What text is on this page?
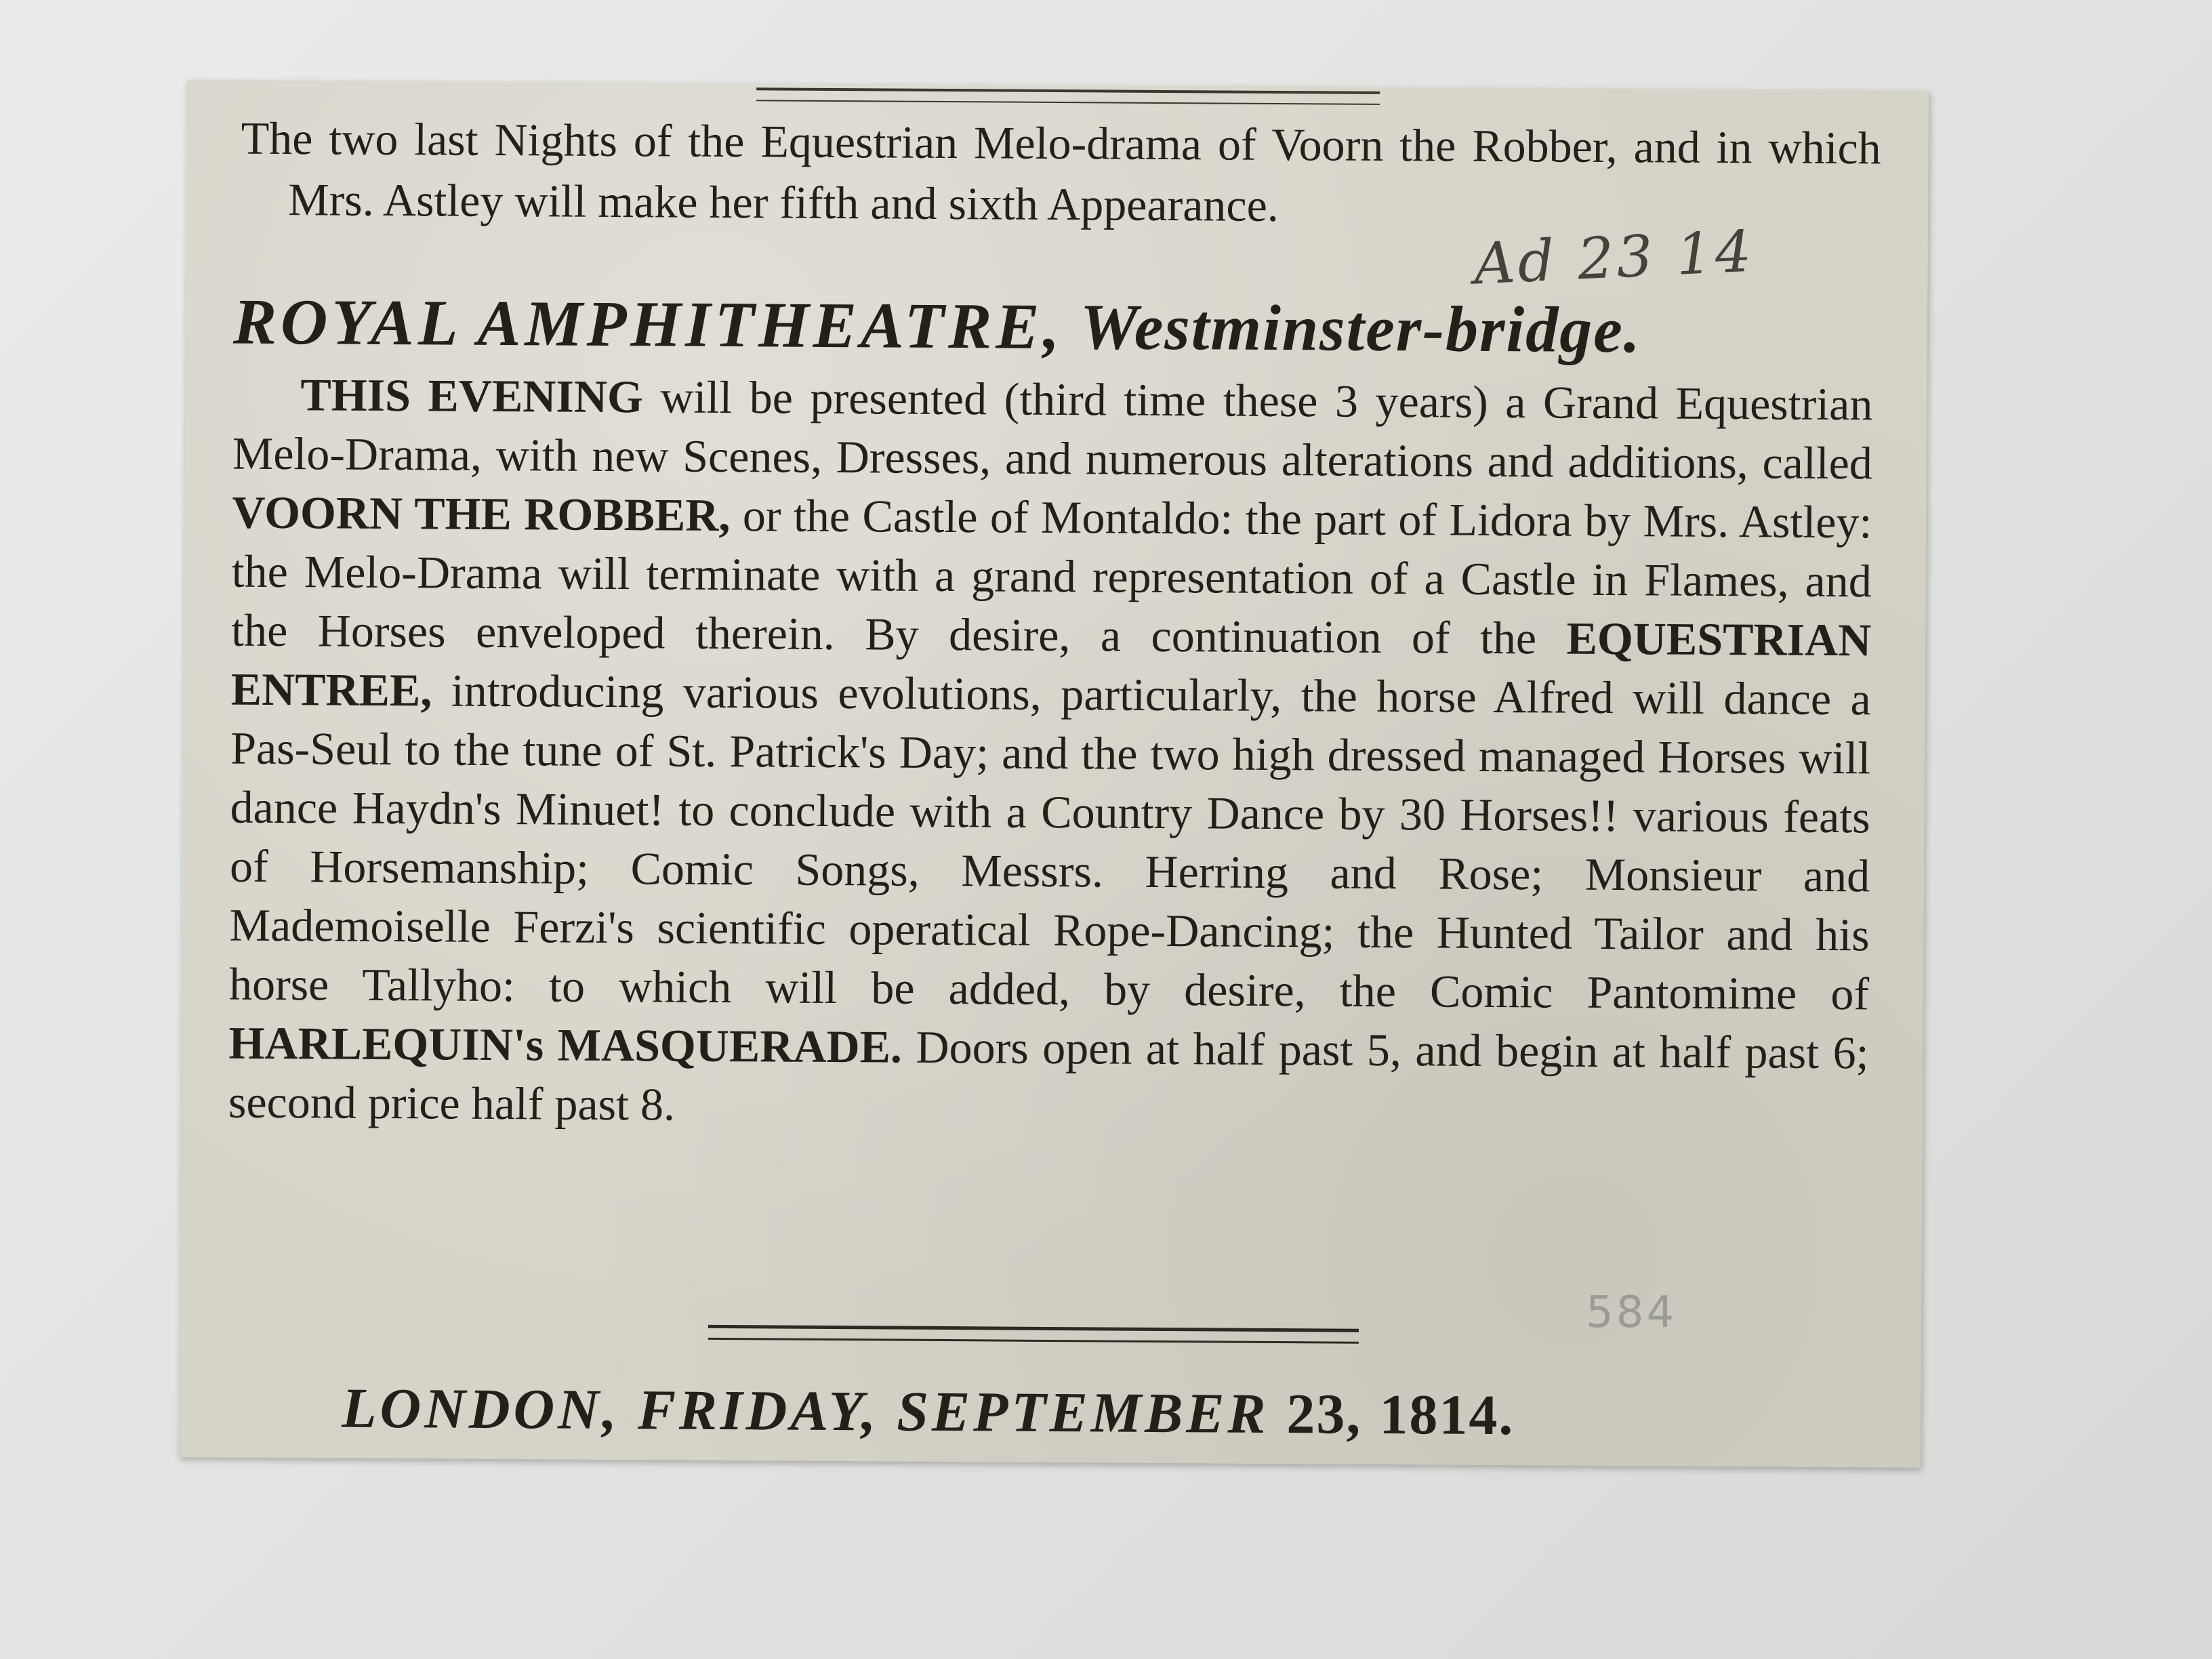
The two last Nights of the Equestrian Melo-drama of Voorn the Robber, and in which Mrs. Astley will make her fifth and sixth Appearance.
Ad 23 14
ROYAL AMPHITHEATRE, Westminster-bridge.
THIS EVENING will be presented (third time these 3 years) a Grand Equestrian Melo-Drama, with new Scenes, Dresses, and numerous alterations and additions, called VOORN THE ROBBER, or the Castle of Montaldo: the part of Lidora by Mrs. Astley: the Melo-Drama will terminate with a grand representation of a Castle in Flames, and the Horses enveloped therein. By desire, a continuation of the EQUESTRIAN ENTREE, introducing various evolutions, particularly, the horse Alfred will dance a Pas-Seul to the tune of St. Patrick's Day; and the two high dressed managed Horses will dance Haydn's Minuet! to conclude with a Country Dance by 30 Horses!! various feats of Horsemanship; Comic Songs, Messrs. Herring and Rose; Monsieur and Mademoiselle Ferzi's scientific operatical Rope-Dancing; the Hunted Tailor and his horse Tallyho: to which will be added, by desire, the Comic Pantomime of HARLEQUIN's MASQUERADE. Doors open at half past 5, and begin at half past 6; second price half past 8.
LONDON, FRIDAY, SEPTEMBER 23, 1814.
584
